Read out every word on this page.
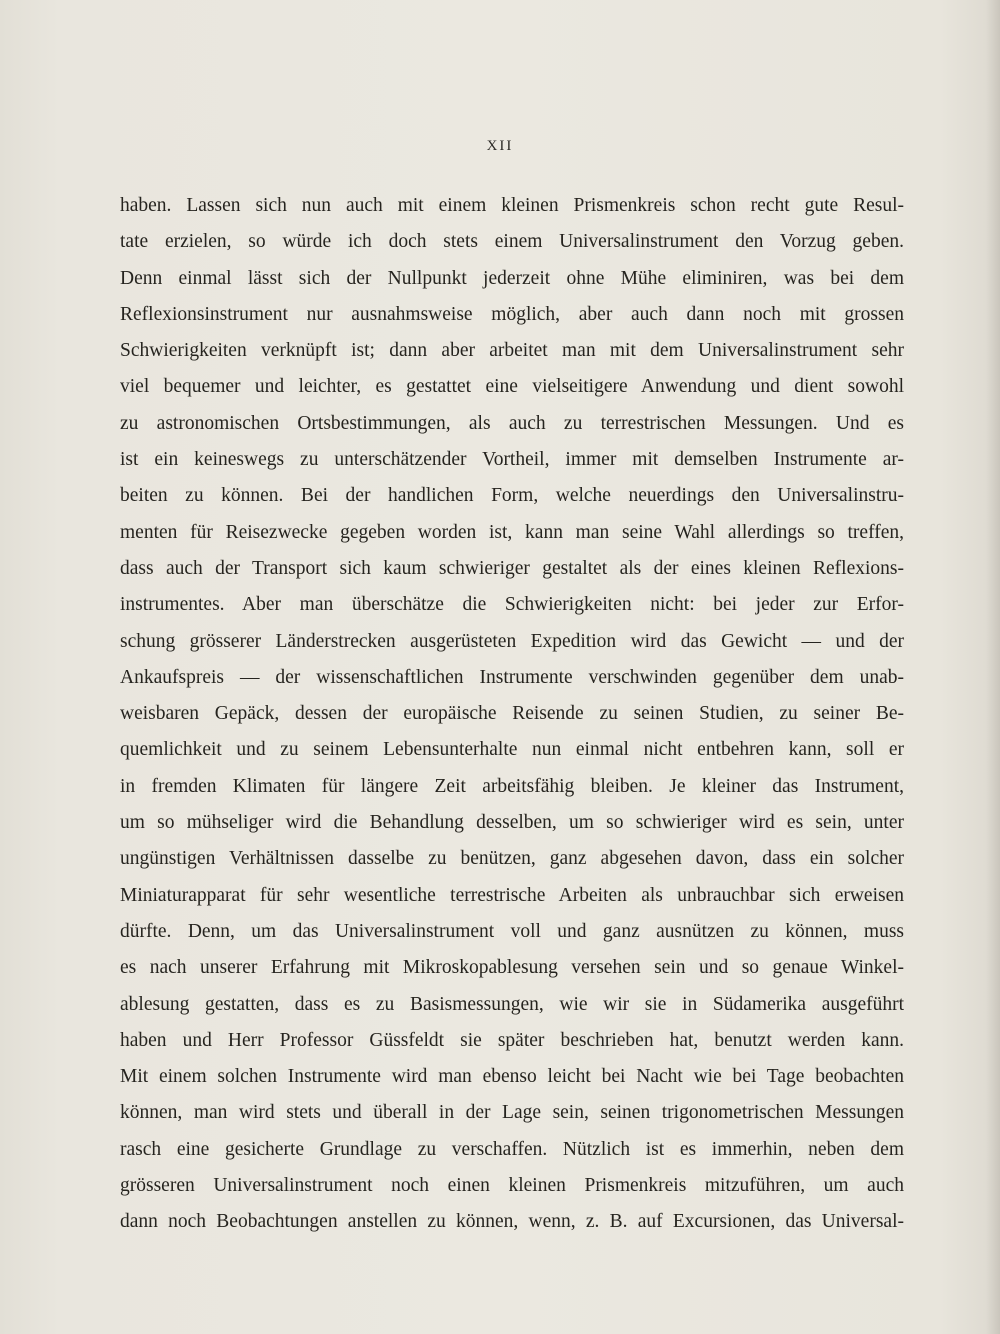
XII
haben. Lassen sich nun auch mit einem kleinen Prismenkreis schon recht gute Resul-
tate erzielen, so würde ich doch stets einem Universalinstrument den Vorzug geben.
Denn einmal lässt sich der Nullpunkt jederzeit ohne Mühe eliminiren, was bei dem
Reflexionsinstrument nur ausnahmsweise möglich, aber auch dann noch mit grossen
Schwierigkeiten verknüpft ist; dann aber arbeitet man mit dem Universalinstrument sehr
viel bequemer und leichter, es gestattet eine vielseitigere Anwendung und dient sowohl
zu astronomischen Ortsbestimmungen, als auch zu terrestrischen Messungen. Und es
ist ein keineswegs zu unterschätzender Vortheil, immer mit demselben Instrumente ar-
beiten zu können. Bei der handlichen Form, welche neuerdings den Universalinstru-
menten für Reisezwecke gegeben worden ist, kann man seine Wahl allerdings so treffen,
dass auch der Transport sich kaum schwieriger gestaltet als der eines kleinen Reflexions-
instrumentes. Aber man überschätze die Schwierigkeiten nicht: bei jeder zur Erfor-
schung grösserer Länderstrecken ausgerüsteten Expedition wird das Gewicht — und der
Ankaufspreis — der wissenschaftlichen Instrumente verschwinden gegenüber dem unab-
weisbaren Gepäck, dessen der europäische Reisende zu seinen Studien, zu seiner Be-
quemlichkeit und zu seinem Lebensunterhalte nun einmal nicht entbehren kann, soll er
in fremden Klimaten für längere Zeit arbeitsfähig bleiben. Je kleiner das Instrument,
um so mühseliger wird die Behandlung desselben, um so schwieriger wird es sein, unter
ungünstigen Verhältnissen dasselbe zu benützen, ganz abgesehen davon, dass ein solcher
Miniaturapparat für sehr wesentliche terrestrische Arbeiten als unbrauchbar sich erweisen
dürfte. Denn, um das Universalinstrument voll und ganz ausnützen zu können, muss
es nach unserer Erfahrung mit Mikroskopablesung versehen sein und so genaue Winkel-
ablesung gestatten, dass es zu Basismessungen, wie wir sie in Südamerika ausgeführt
haben und Herr Professor Güssfeldt sie später beschrieben hat, benutzt werden kann.
Mit einem solchen Instrumente wird man ebenso leicht bei Nacht wie bei Tage beobachten
können, man wird stets und überall in der Lage sein, seinen trigonometrischen Messungen
rasch eine gesicherte Grundlage zu verschaffen. Nützlich ist es immerhin, neben dem
grösseren Universalinstrument noch einen kleinen Prismenkreis mitzuführen, um auch
dann noch Beobachtungen anstellen zu können, wenn, z. B. auf Excursionen, das Universal-
